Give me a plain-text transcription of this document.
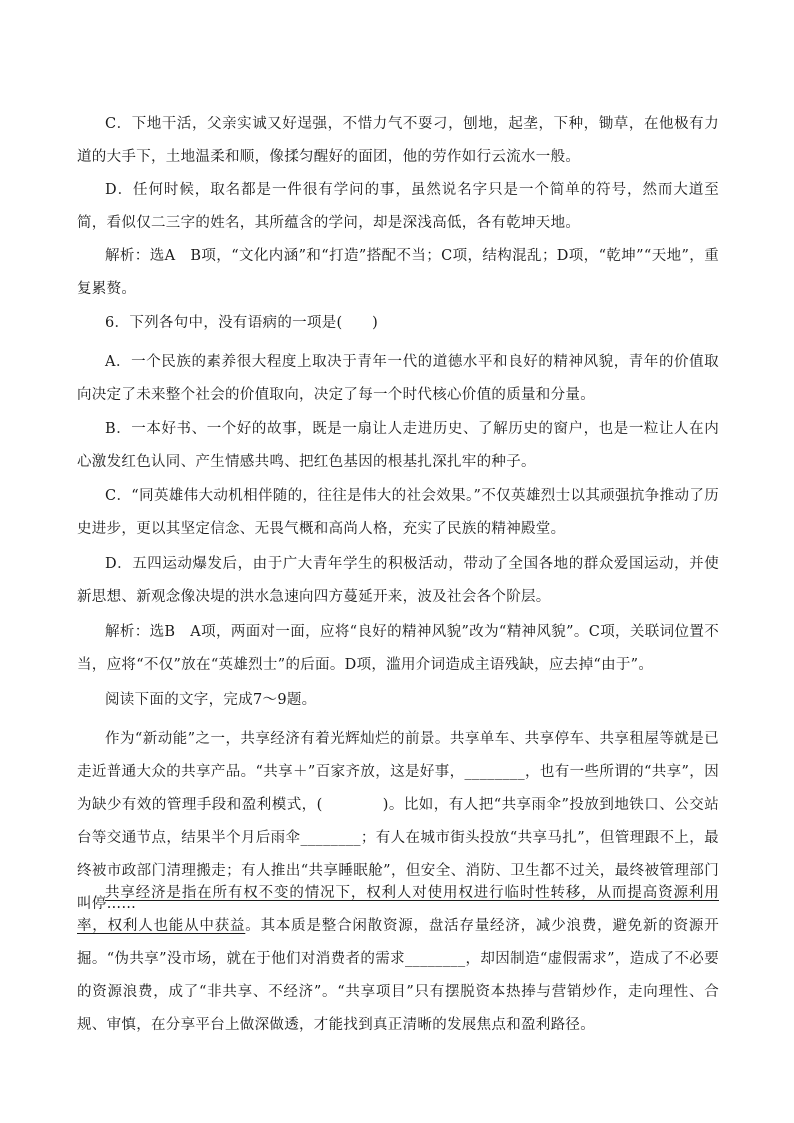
C．下地干活，父亲实诚又好逞强，不惜力气不耍刁，刨地，起垄，下种，锄草，在他极有力道的大手下，土地温柔和顺，像揉匀醒好的面团，他的劳作如行云流水一般。

D．任何时候，取名都是一件很有学问的事，虽然说名字只是一个简单的符号，然而大道至简，看似仅二三字的姓名，其所蕴含的学问，却是深浅高低，各有乾坤天地。

解析：选A　B项，“文化内涵”和“打造”搭配不当；C项，结构混乱；D项，“乾坤”“天地”，重复累赘。

6．下列各句中，没有语病的一项是(　　)

A．一个民族的素养很大程度上取决于青年一代的道德水平和良好的精神风貌，青年的价值取向决定了未来整个社会的价值取向，决定了每一个时代核心价值的质量和分量。

B．一本好书、一个好的故事，既是一扇让人走进历史、了解历史的窗户，也是一粒让人在内心激发红色认同、产生情感共鸣、把红色基因的根基扎深扎牢的种子。

C．“同英雄伟大动机相伴随的，往往是伟大的社会效果。”不仅英雄烈士以其顽强抗争推动了历史进步，更以其坚定信念、无畏气概和高尚人格，充实了民族的精神殿堂。

D．五四运动爆发后，由于广大青年学生的积极活动，带动了全国各地的群众爱国运动，并使新思想、新观念像决堤的洪水急速向四方蔓延开来，波及社会各个阶层。

解析：选B　A项，两面对一面，应将“良好的精神风貌”改为“精神风貌”。C项，关联词位置不当，应将“不仅”放在“英雄烈士”的后面。D项，滥用介词造成主语残缺，应去掉“由于”。

阅读下面的文字，完成7～9题。

作为“新动能”之一，共享经济有着光辉灿烂的前景。共享单车、共享停车、共享租屋等就是已走近普通大众的共享产品。“共享＋”百家齐放，这是好事，________，也有一些所谓的“共享”，因为缺少有效的管理手段和盈利模式，(　　　　)。比如，有人把“共享雨伞”投放到地铁口、公交站台等交通节点，结果半个月后雨伞________；有人在城市街头投放“共享马扎”，但管理跟不上，最终被市政部门清理搬走；有人推出“共享睡眠舱”，但安全、消防、卫生都不过关，最终被管理部门叫停……

共享经济是指在所有权不变的情况下，权利人对使用权进行临时性转移，从而提高资源利用率，权利人也能从中获益。其本质是整合闲散资源，盘活存量经济，减少浪费，避免新的资源开掘。“伪共享”没市场，就在于他们对消费者的需求________，却因制造“虚假需求”，造成了不必要的资源浪费，成了“非共享、不经济”。“共享项目”只有摆脱资本热捧与营销炒作，走向理性、合规、审慎，在分享平台上做深做透，才能找到真正清晰的发展焦点和盈利路径。
